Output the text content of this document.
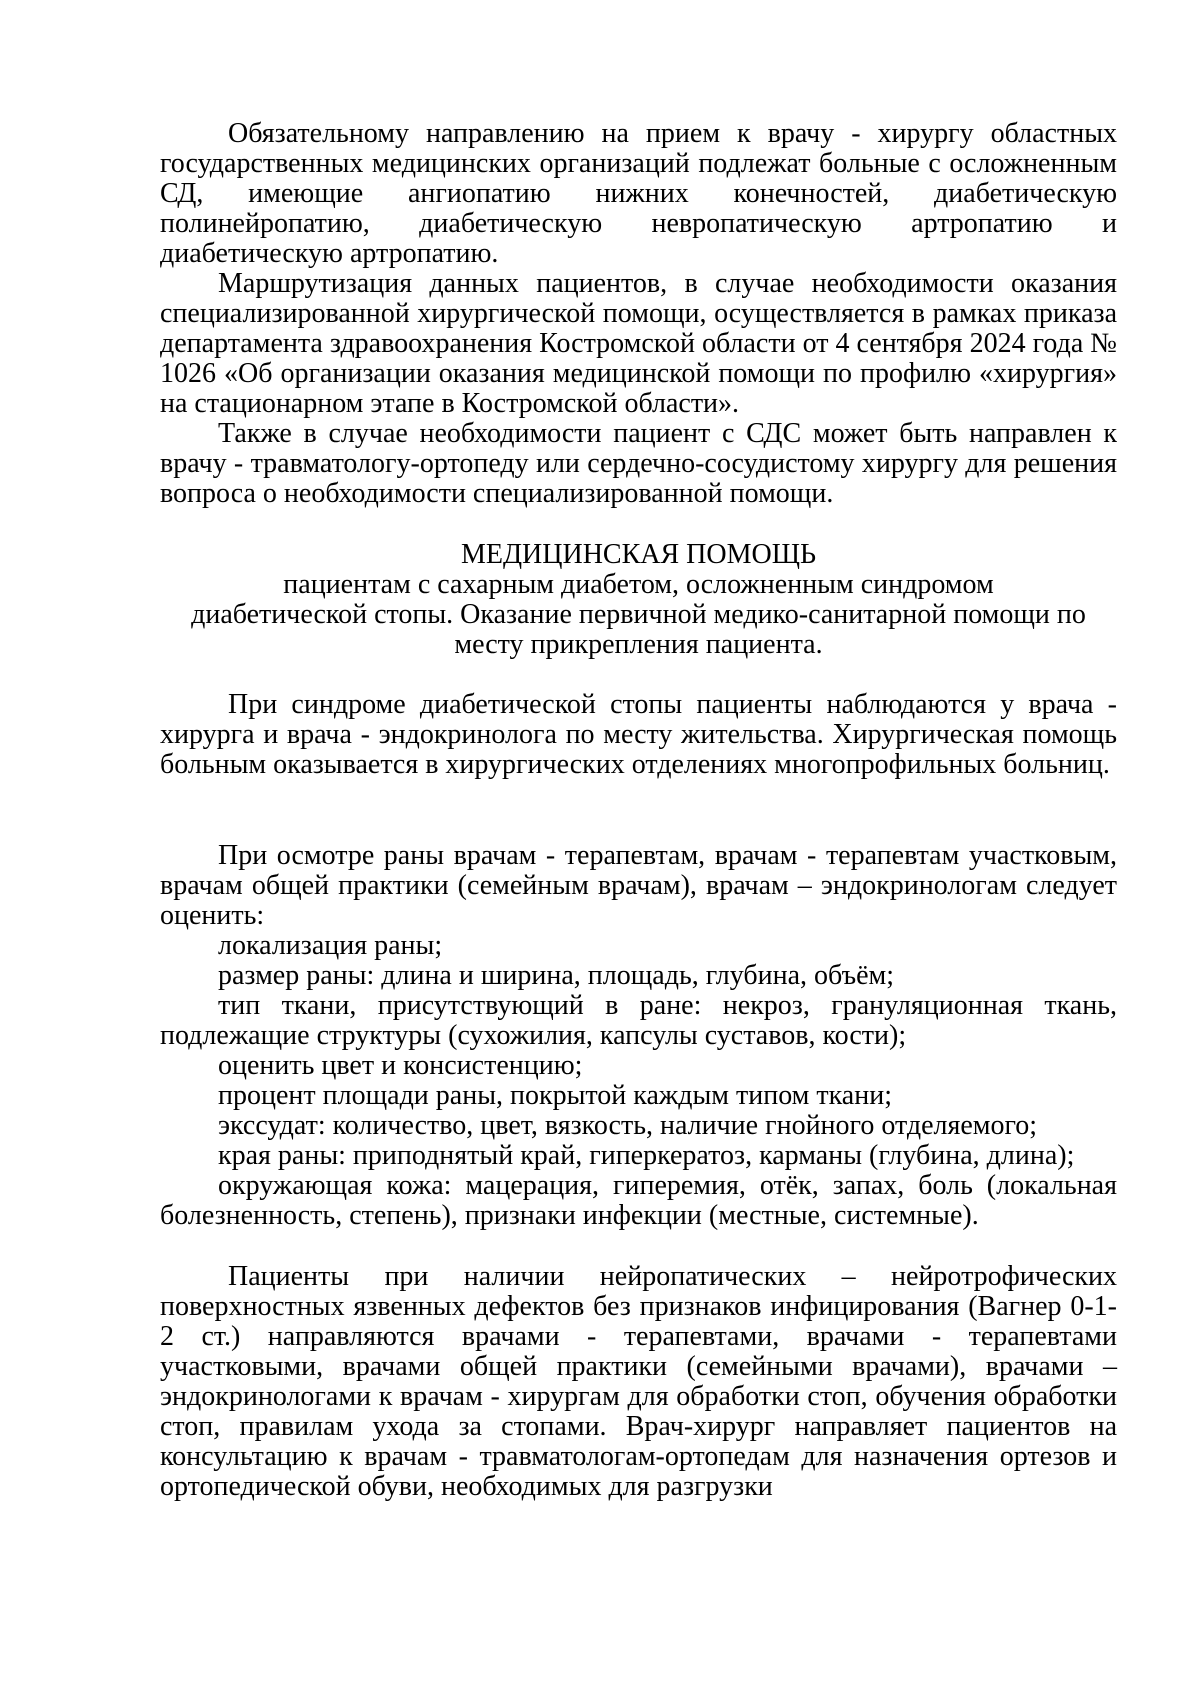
Обязательному направлению на прием к врачу - хирургу областных государственных медицинских организаций подлежат больные с осложненным СД, имеющие ангиопатию нижних конечностей, диабетическую полинейропатию, диабетическую невропатическую артропатию и диабетическую артропатию.

Маршрутизация данных пациентов, в случае необходимости оказания специализированной хирургической помощи, осуществляется в рамках приказа департамента здравоохранения Костромской области от 4 сентября 2024 года № 1026 «Об организации оказания медицинской помощи по профилю «хирургия» на стационарном этапе в Костромской области».

Также в случае необходимости пациент с СДС может быть направлен к врачу - травматологу-ортопеду или сердечно-сосудистому хирургу для решения вопроса о необходимости специализированной помощи.

МЕДИЦИНСКАЯ ПОМОЩЬ

пациентам с сахарным диабетом, осложненным синдромом

диабетической стопы. Оказание первичной медико-санитарной помощи по

месту прикрепления пациента.

При синдроме диабетической стопы пациенты наблюдаются у врача - хирурга и врача - эндокринолога по месту жительства. Хирургическая помощь больным оказывается в хирургических отделениях многопрофильных больниц.

При осмотре раны врачам - терапевтам, врачам - терапевтам участковым, врачам общей практики (семейным врачам), врачам – эндокринологам следует оценить:

локализация раны;

размер раны: длина и ширина, площадь, глубина, объём;

тип ткани, присутствующий в ране: некроз, грануляционная ткань, подлежащие структуры (сухожилия, капсулы суставов, кости);

оценить цвет и консистенцию;

процент площади раны, покрытой каждым типом ткани;

экссудат: количество, цвет, вязкость, наличие гнойного отделяемого;

края раны: приподнятый край, гиперкератоз, карманы (глубина, длина);

окружающая кожа: мацерация, гиперемия, отёк, запах, боль (локальная болезненность, степень), признаки инфекции (местные, системные).

Пациенты при наличии нейропатических – нейротрофических поверхностных язвенных дефектов без признаков инфицирования (Вагнер 0-1-2 ст.) направляются врачами - терапевтами, врачами - терапевтами участковыми, врачами общей практики (семейными врачами), врачами – эндокринологами к врачам - хирургам для обработки стоп, обучения обработки стоп, правилам ухода за стопами. Врач-хирург направляет пациентов на консультацию к врачам - травматологам-ортопедам для назначения ортезов и ортопедической обуви, необходимых для разгрузки
